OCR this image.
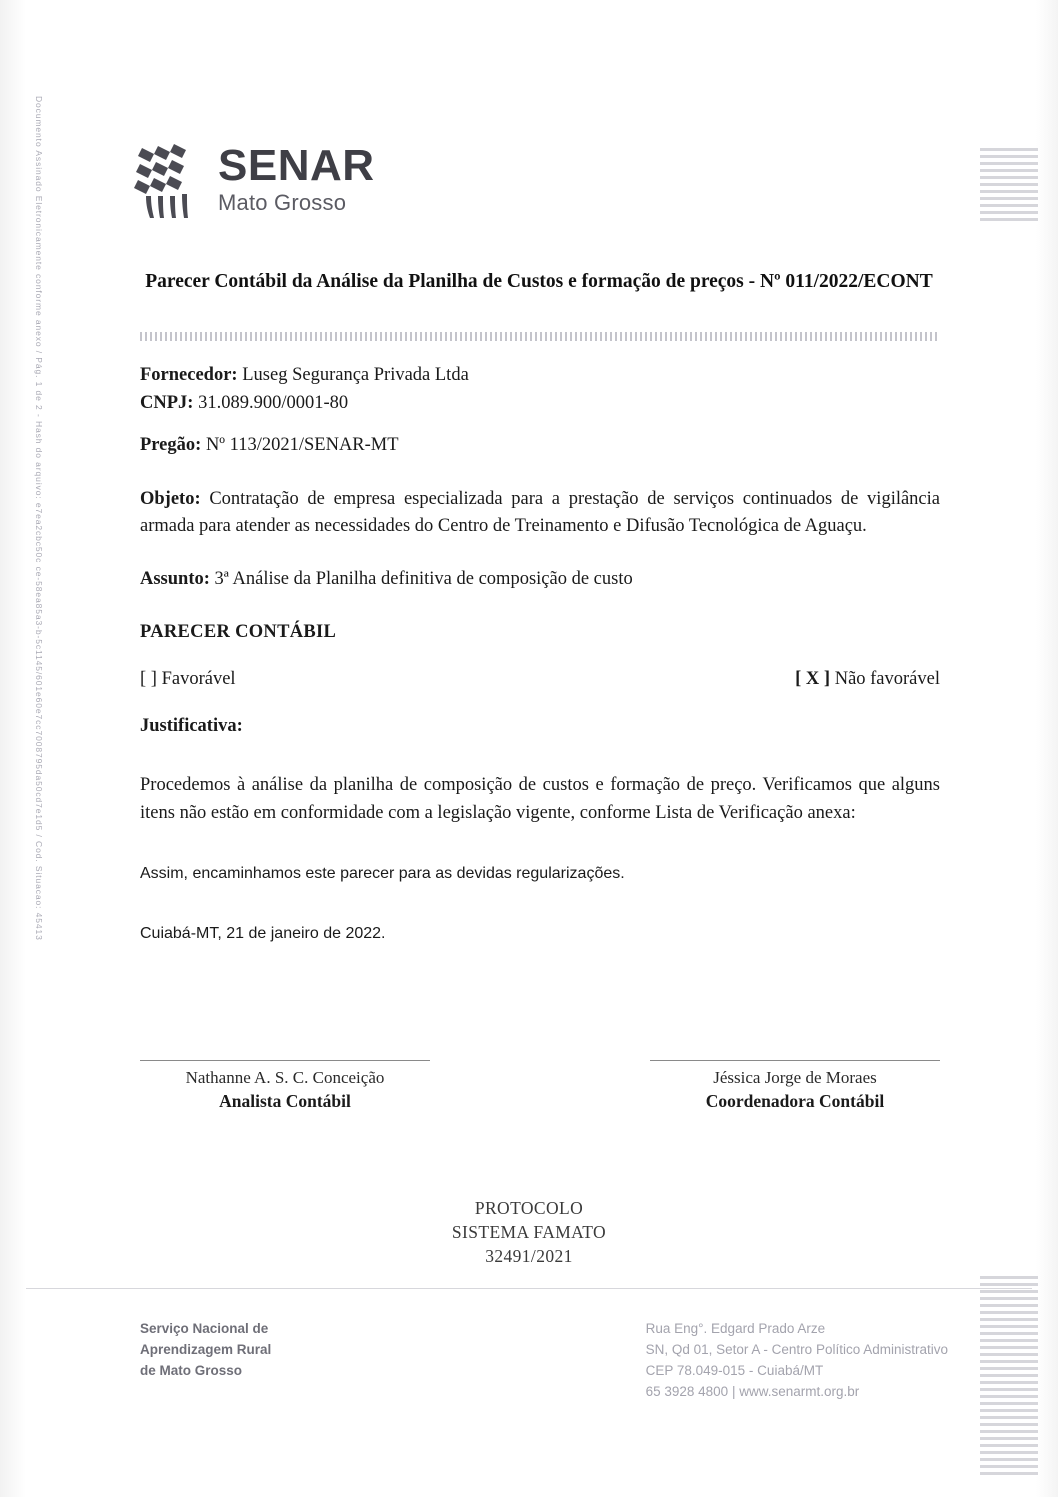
Documento Assinado Eletronicamente conforme anexo / Pág. 1 de 2 - Hash do arquivo: e7ea2cbc50c ce-58ea85a3-b-5c1145/601e60e7cc7008795da50cd7e1d5 / Cod. Situacao: 45413	SENAR
Mato Grosso
Parecer Contábil da Análise da Planilha de Custos e formação de preços - Nº 011/2022/ECONT
Fornecedor: Luseg Segurança Privada Ltda
CNPJ: 31.089.900/0001-80
Pregão: Nº 113/2021/SENAR-MT
Objeto: Contratação de empresa especializada para a prestação de serviços continuados de vigilância armada para atender as necessidades do Centro de Treinamento e Difusão Tecnológica de Aguaçu.
Assunto: 3ª Análise da Planilha definitiva de composição de custo
PARECER CONTÁBIL
[ ] Favorável	[ X ] Não favorável
Justificativa:
Procedemos à análise da planilha de composição de custos e formação de preço. Verificamos que alguns itens não estão em conformidade com a legislação vigente, conforme Lista de Verificação anexa:
Assim, encaminhamos este parecer para as devidas regularizações.
Cuiabá-MT, 21 de janeiro de 2022.
Nathanne A. S. C. Conceição
Analista Contábil
Jéssica Jorge de Moraes
Coordenadora Contábil
PROTOCOLO
SISTEMA FAMATO
32491/2021
Serviço Nacional de
Aprendizagem Rural
de Mato Grosso
Rua Eng°. Edgard Prado Arze
SN, Qd 01, Setor A - Centro Político Administrativo
CEP 78.049-015 - Cuiabá/MT
65 3928 4800 | www.senarmt.org.br
